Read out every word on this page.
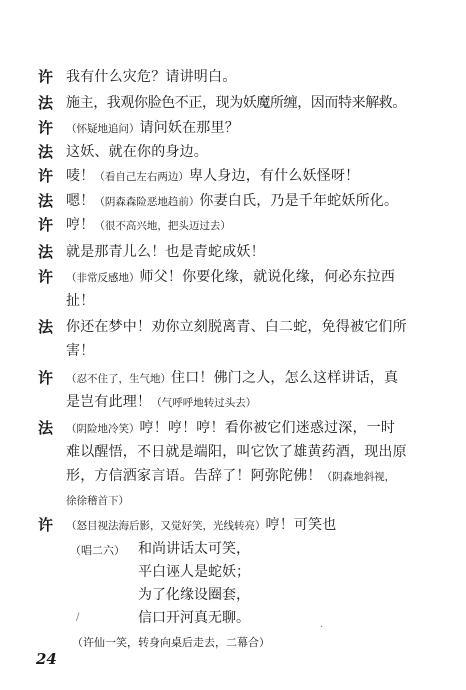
许 我有什么灾危？请讲明白。
法 施主，我观你脸色不正，现为妖魔所缠，因而特来解救。
许 （怀疑地追问）请问妖在那里？
法 这妖、就在你的身边。
许 唛！（看自己左右两边）卑人身边，有什么妖怪呀！
法 嗯！（阴森森险恶地趋前）你妻白氏，乃是千年蛇妖所化。
许 哼！（很不高兴地，把头迈过去）
法 就是那青儿么！也是青蛇成妖！
许 （非常反感地）师父！你要化缘，就说化缘，何必东拉西
扯！
法 你还在梦中！劝你立刻脱离青、白二蛇，免得被它们所
害！
许 （忍不住了，生气地）住口！佛门之人，怎么这样讲话，真
是岂有此理！（气呼呼地转过头去）
法 （阴险地冷笑）哼！哼！哼！看你被它们迷惑过深，一时
难以醒悟，不日就是端阳，叫它饮了雄黄药酒，现出原
形，方信洒家言语。告辞了！阿弥陀佛！（阴森地斜视，
徐徐稽首下）
许 （怒目视法海后影，又觉好笑，光线转亮）哼！可笑也
（唱二六） 和尚讲话太可笑，
平白诬人是蛇妖；
为了化缘设圈套，
信口开河真无聊。
（许仙一笑，转身向桌后走去，二幕合）
/
·
24
